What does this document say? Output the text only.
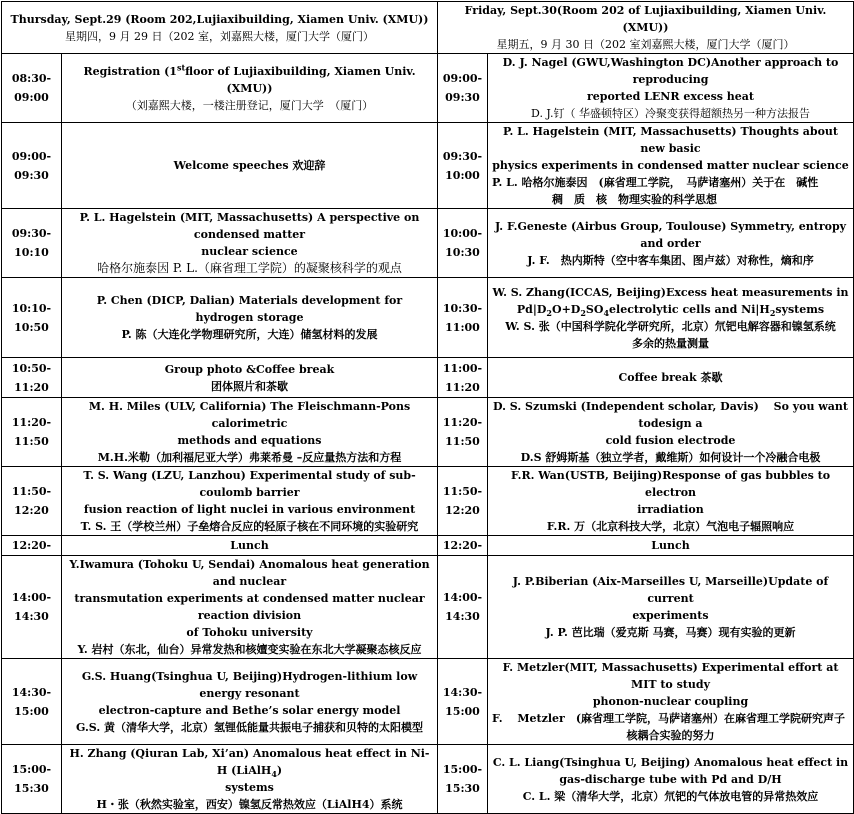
Thursday, Sept.29 (Room 202,Lujiaxibuilding, Xiamen Univ. (XMU))
星期四，9 月 29 日（202 室，刘嘉熙大楼，厦门大学（厦门）

Friday, Sept.30(Room 202 of Lujiaxibuilding, Xiamen Univ. (XMU))
星期五，9 月 30 日（202 室刘嘉熙大楼，厦门大学（厦门）
08:30-
09:00	Registration (1stfloor of Lujiaxibuilding, Xiamen Univ. (XMU))
（刘嘉熙大楼，一楼注册登记，厦门大学　（厦门）	09:00-
09:30	D. J. Nagel (GWU,Washington DC)Another approach to reproducing
reported LENR excess heat
D. J.钉（ 华盛顿特区）冷聚变获得超额热另一种方法报告

09:00-
09:30	Welcome speeches 欢迎辞	09:30-
10:00	P. L. Hagelstein (MIT, Massachusetts) Thoughts about new basic
physics experiments in condensed matter nuclear science
P. L. 哈格尔施泰因　(麻省理工学院，　马萨诸塞州）关于在　碱性
稠　质　核　物理实验的科学思想

09:30-
10:10	P. L. Hagelstein (MIT, Massachusetts) A perspective on condensed matter
nuclear science
哈格尔施泰因 P. L.（麻省理工学院）的凝聚核科学的观点	10:00-
10:30	J. F.Geneste (Airbus Group, Toulouse) Symmetry, entropy and order
J. F.　热内斯特（空中客车集团、图卢兹）对称性，熵和序

10:10-
10:50	P. Chen (DICP, Dalian) Materials development for hydrogen storage
P. 陈（大连化学物理研究所，大连）储氢材料的发展	10:30-
11:00	W. S. Zhang(ICCAS, Beijing)Excess heat measurements in
$Pd|D_2O+D_2SO_4electrolytic$ cells and $Ni|H_2systems$
W. S. 张（中国科学院化学研究所，北京）氘钯电解容器和镍氢系统
多余的热量测量

10:50-
11:20	Group photo &Coffee break
团体照片和茶歇	11:00-
11:20	Coffee break 茶歇

11:20-
11:50	M. H. Miles (ULV, California) The Fleischmann-Pons calorimetric
methods and equations
M.H.米勒（加利福尼亚大学）弗莱希曼 –反应量热方法和方程	11:20-
11:50	D. S. Szumski (Independent scholar, Davis)　 So you want todesign a
cold fusion electrode
D.S 舒姆斯基（独立学者，戴维斯）如何设计一个冷融合电极

11:50-
12:20	T. S. Wang (LZU, Lanzhou) Experimental study of sub-coulomb barrier
fusion reaction of light nuclei in various environment
T. S. 王（学校兰州）子垒熔合反应的轻原子核在不同环境的实验研究	11:50-
12:20	F.R. Wan(USTB, Beijing)Response of gas bubbles to electron
irradiation
F.R. 万（北京科技大学，北京）气泡电子辐照响应

12:20-	Lunch	12:20-	Lunch

14:00-
14:30	Y.Iwamura (Tohoku U, Sendai) Anomalous heat generation and nuclear
transmutation experiments at condensed matter nuclear reaction division
of Tohoku university
Y. 岩村（东北，仙台）异常发热和核嬗变实验在东北大学凝聚态核反应	14:00-
14:30	J. P.Biberian (Aix-Marseilles U, Marseille)Update of current
experiments
J. P. 芭比瑞（爱克斯 马赛，马赛）现有实验的更新

14:30-
15:00	G.S. Huang(Tsinghua U, Beijing)Hydrogen-lithium low energy resonant
electron-capture and Bethe’s solar energy model
G.S. 黄（清华大学，北京）氢锂低能量共振电子捕获和贝特的太阳模型	14:30-
15:00	F. Metzler(MIT, Massachusetts) Experimental effort at MIT to study
phonon-nuclear coupling
F.　 Metzler　(麻省理工学院，马萨诸塞州）在麻省理工学院研究声子
核耦合实验的努力

15:00-
15:30	H. Zhang (Qiuran Lab, Xi’an) Anomalous heat effect in Ni-H (LiAlH$_4$)
systems
H・张（秋然实验室，西安）镍氢反常热效应（LiAlH4）系统	15:00-
15:30	C. L. Liang(Tsinghua U, Beijing) Anomalous heat effect in
gas-discharge tube with Pd and D/H
C. L. 梁（清华大学，北京）氘钯的气体放电管的异常热效应
